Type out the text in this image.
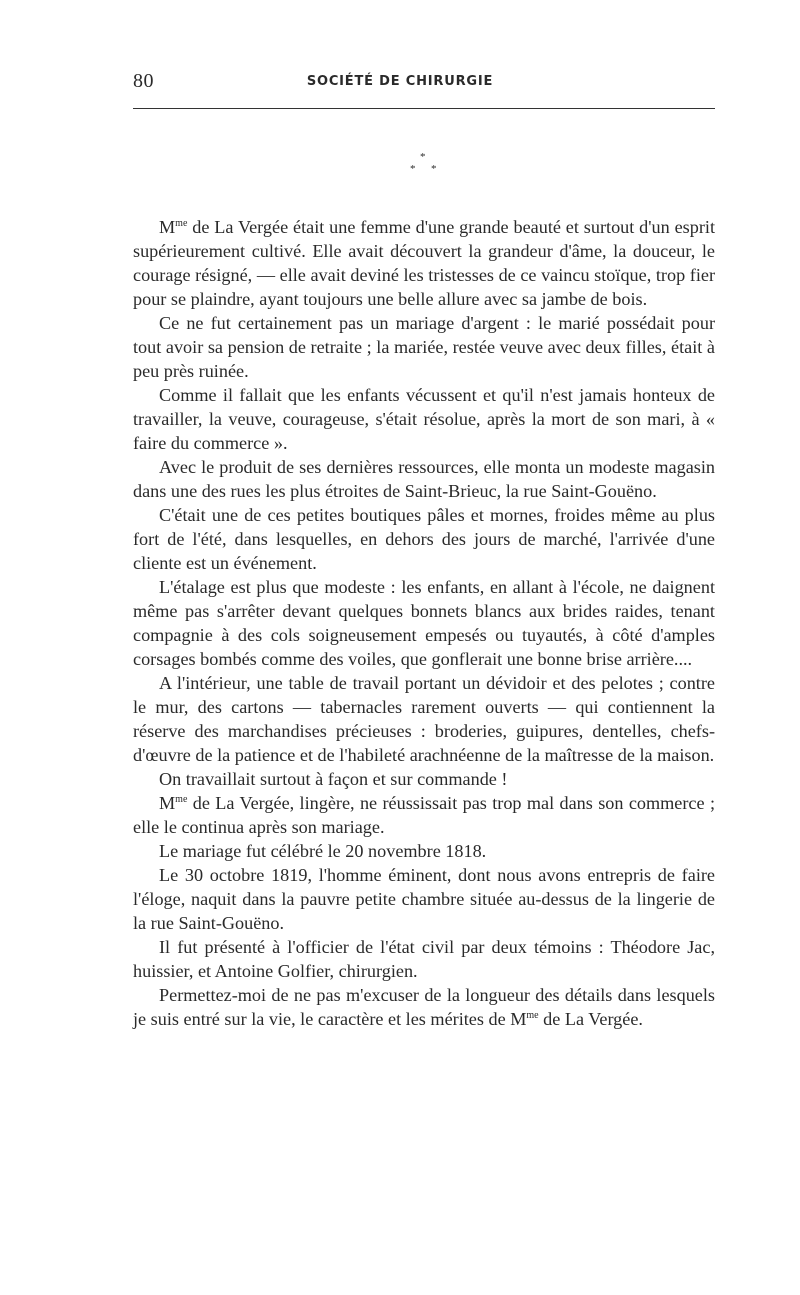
80	SOCIÉTÉ DE CHIRURGIE
*
* *

$M^{me}$ de La Vergée était une femme d'une grande beauté et surtout d'un esprit supérieurement cultivé. Elle avait découvert la grandeur d'âme, la douceur, le courage résigné, — elle avait deviné les tristesses de ce vaincu stoïque, trop fier pour se plaindre, ayant toujours une belle allure avec sa jambe de bois.

Ce ne fut certainement pas un mariage d'argent : le marié possédait pour tout avoir sa pension de retraite ; la mariée, restée veuve avec deux filles, était à peu près ruinée.

Comme il fallait que les enfants vécussent et qu'il n'est jamais honteux de travailler, la veuve, courageuse, s'était résolue, après la mort de son mari, à « faire du commerce ».

Avec le produit de ses dernières ressources, elle monta un modeste magasin dans une des rues les plus étroites de Saint-Brieuc, la rue Saint-Gouëno.

C'était une de ces petites boutiques pâles et mornes, froides même au plus fort de l'été, dans lesquelles, en dehors des jours de marché, l'arrivée d'une cliente est un événement.

L'étalage est plus que modeste : les enfants, en allant à l'école, ne daignent même pas s'arrêter devant quelques bonnets blancs aux brides raides, tenant compagnie à des cols soigneusement empesés ou tuyautés, à côté d'amples corsages bombés comme des voiles, que gonflerait une bonne brise arrière....

A l'intérieur, une table de travail portant un dévidoir et des pelotes ; contre le mur, des cartons — tabernacles rarement ouverts — qui contiennent la réserve des marchandises précieuses : broderies, guipures, dentelles, chefs-d'œuvre de la patience et de l'habileté arachnéenne de la maîtresse de la maison.

On travaillait surtout à façon et sur commande !

$M^{me}$ de La Vergée, lingère, ne réussissait pas trop mal dans son commerce ; elle le continua après son mariage.

Le mariage fut célébré le 20 novembre 1818.

Le 30 octobre 1819, l'homme éminent, dont nous avons entrepris de faire l'éloge, naquit dans la pauvre petite chambre située au-dessus de la lingerie de la rue Saint-Gouëno.

Il fut présenté à l'officier de l'état civil par deux témoins : Théodore Jac, huissier, et Antoine Golfier, chirurgien.

Permettez-moi de ne pas m'excuser de la longueur des détails dans lesquels je suis entré sur la vie, le caractère et les mérites de $M^{me}$ de La Vergée.
